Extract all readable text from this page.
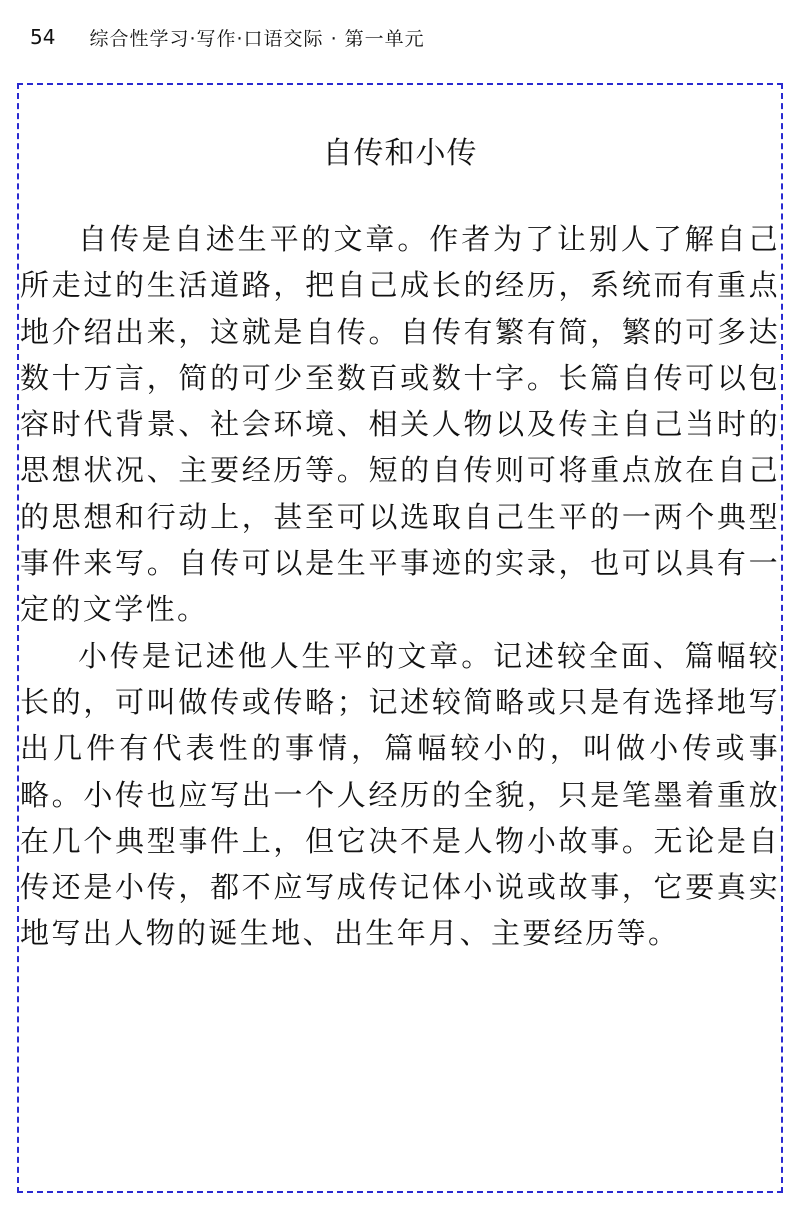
54 综合性学习·写作·口语交际 · 第一单元
自传和小传

自传是自述生平的文章。作者为了让别人了解自己所走过的生活道路，把自己成长的经历，系统而有重点地介绍出来，这就是自传。自传有繁有简，繁的可多达数十万言，简的可少至数百或数十字。长篇自传可以包容时代背景、社会环境、相关人物以及传主自己当时的思想状况、主要经历等。短的自传则可将重点放在自己的思想和行动上，甚至可以选取自己生平的一两个典型事件来写。自传可以是生平事迹的实录，也可以具有一定的文学性。

小传是记述他人生平的文章。记述较全面、篇幅较长的，可叫做传或传略；记述较简略或只是有选择地写出几件有代表性的事情，篇幅较小的，叫做小传或事略。小传也应写出一个人经历的全貌，只是笔墨着重放在几个典型事件上，但它决不是人物小故事。无论是自传还是小传，都不应写成传记体小说或故事，它要真实地写出人物的诞生地、出生年月、主要经历等。
